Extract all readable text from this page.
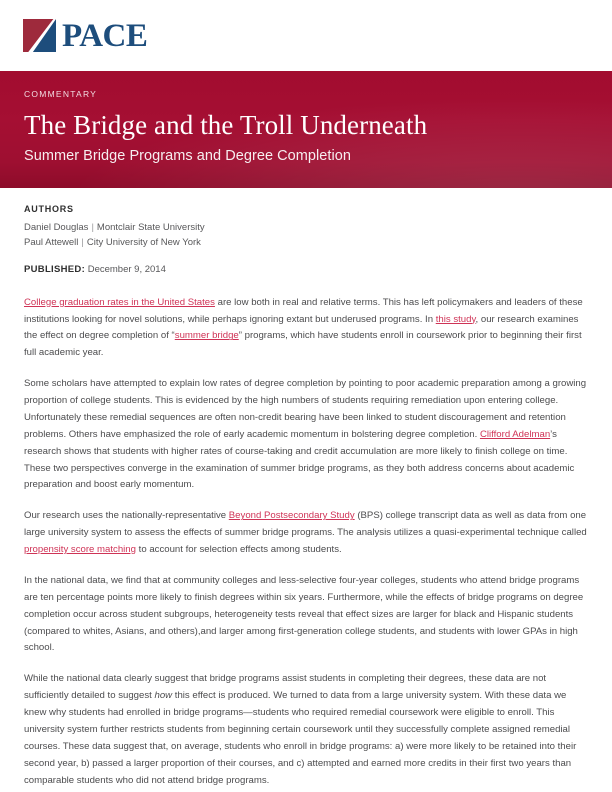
PACE
COMMENTARY
The Bridge and the Troll Underneath
Summer Bridge Programs and Degree Completion
AUTHORS

Daniel Douglas | Montclair State University

Paul Attewell | City University of New York

PUBLISHED: December 9, 2014

College graduation rates in the United States are low both in real and relative terms. This has left policymakers and leaders of these institutions looking for novel solutions, while perhaps ignoring extant but underused programs. In this study, our research examines the effect on degree completion of “summer bridge” programs, which have students enroll in coursework prior to beginning their first full academic year.

Some scholars have attempted to explain low rates of degree completion by pointing to poor academic preparation among a growing proportion of college students. This is evidenced by the high numbers of students requiring remediation upon entering college. Unfortunately these remedial sequences are often non-credit bearing have been linked to student discouragement and retention problems. Others have emphasized the role of early academic momentum in bolstering degree completion. Clifford Adelman’s research shows that students with higher rates of course-taking and credit accumulation are more likely to finish college on time. These two perspectives converge in the examination of summer bridge programs, as they both address concerns about academic preparation and boost early momentum.

Our research uses the nationally-representative Beyond Postsecondary Study (BPS) college transcript data as well as data from one large university system to assess the effects of summer bridge programs. The analysis utilizes a quasi-experimental technique called propensity score matching to account for selection effects among students.

In the national data, we find that at community colleges and less-selective four-year colleges, students who attend bridge programs are ten percentage points more likely to finish degrees within six years. Furthermore, while the effects of bridge programs on degree completion occur across student subgroups, heterogeneity tests reveal that effect sizes are larger for black and Hispanic students (compared to whites, Asians, and others),and larger among first-generation college students, and students with lower GPAs in high school.

While the national data clearly suggest that bridge programs assist students in completing their degrees, these data are not sufficiently detailed to suggest how this effect is produced. We turned to data from a large university system. With these data we knew why students had enrolled in bridge programs—students who required remedial coursework were eligible to enroll. This university system further restricts students from beginning certain coursework until they successfully complete assigned remedial courses. These data suggest that, on average, students who enroll in bridge programs: a) were more likely to be retained into their second year, b) passed a larger proportion of their courses, and c) attempted and earned more credits in their first two years than comparable students who did not attend bridge programs.
